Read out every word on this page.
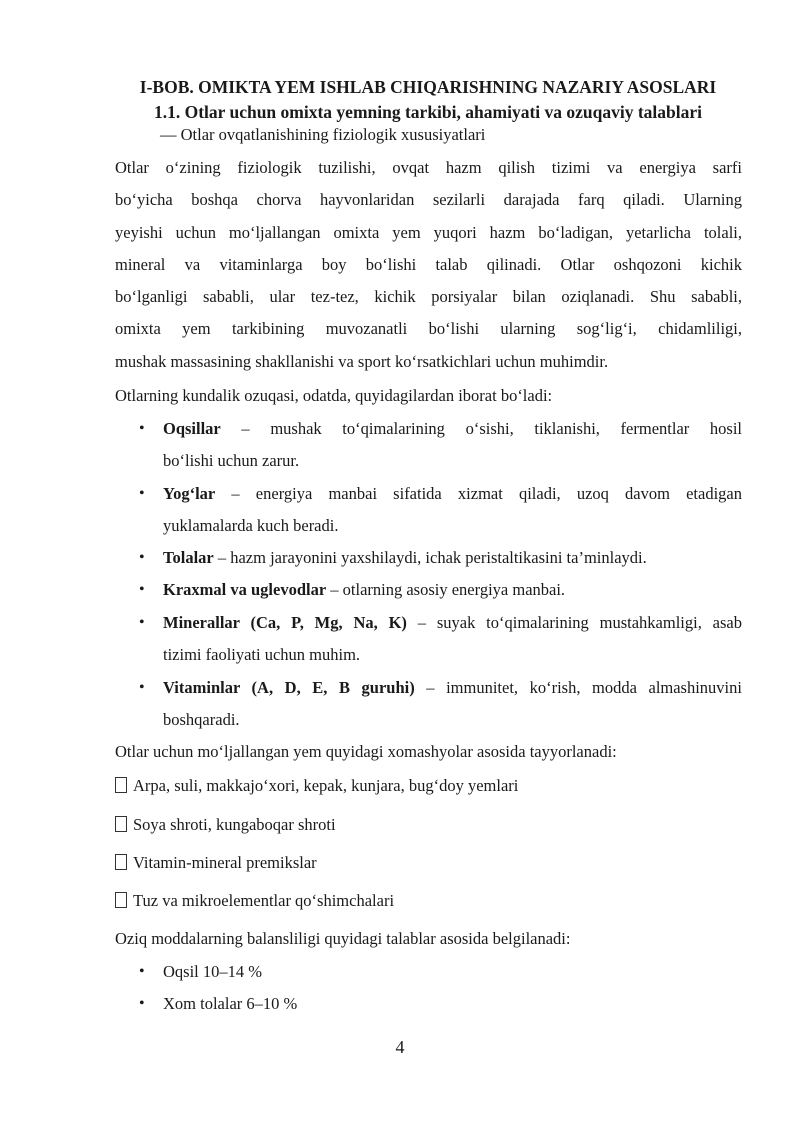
I-BOB. OMIKTA YEM ISHLAB CHIQARISHNING NAZARIY ASOSLARI
1.1. Otlar uchun omixta yemning tarkibi, ahamiyati va ozuqaviy talablari
— Otlar ovqatlanishining fiziologik xususiyatlari
Otlar o‘zining fiziologik tuzilishi, ovqat hazm qilish tizimi va energiya sarfi
bo‘yicha boshqa chorva hayvonlaridan sezilarli darajada farq qiladi. Ularning
yeyishi uchun mo‘ljallangan omixta yem yuqori hazm bo‘ladigan, yetarlicha tolali,
mineral va vitaminlarga boy bo‘lishi talab qilinadi. Otlar oshqozoni kichik
bo‘lganligi sababli, ular tez-tez, kichik porsiyalar bilan oziqlanadi. Shu sababli,
omixta yem tarkibining muvozanatli bo‘lishi ularning sog‘lig‘i, chidamliligi,
mushak massasining shakllanishi va sport ko‘rsatkichlari uchun muhimdir.
Otlarning kundalik ozuqasi, odatda, quyidagilardan iborat bo‘ladi:
• Oqsillar – mushak to‘qimalarining o‘sishi, tiklanishi, fermentlar hosil
bo‘lishi uchun zarur.
• Yog‘lar – energiya manbai sifatida xizmat qiladi, uzoq davom etadigan
yuklamalarda kuch beradi.
• Tolalar – hazm jarayonini yaxshilaydi, ichak peristaltikasini ta’minlaydi.
• Kraxmal va uglevodlar – otlarning asosiy energiya manbai.
• Minerallar (Ca, P, Mg, Na, K) – suyak to‘qimalarining mustahkamligi, asab
tizimi faoliyati uchun muhim.
• Vitaminlar (A, D, E, B guruhi) – immunitet, ko‘rish, modda almashinuvini
boshqaradi.
Otlar uchun mo‘ljallangan yem quyidagi xomashyolar asosida tayyorlanadi:
Arpa, suli, makkajo‘xori, kepak, kunjara, bug‘doy yemlari
Soya shroti, kungaboqar shroti
Vitamin-mineral premikslar
Tuz va mikroelementlar qo‘shimchalari
Oziq moddalarning balansliligi quyidagi talablar asosida belgilanadi:
• Oqsil 10–14 %
• Xom tolalar 6–10 %
4
